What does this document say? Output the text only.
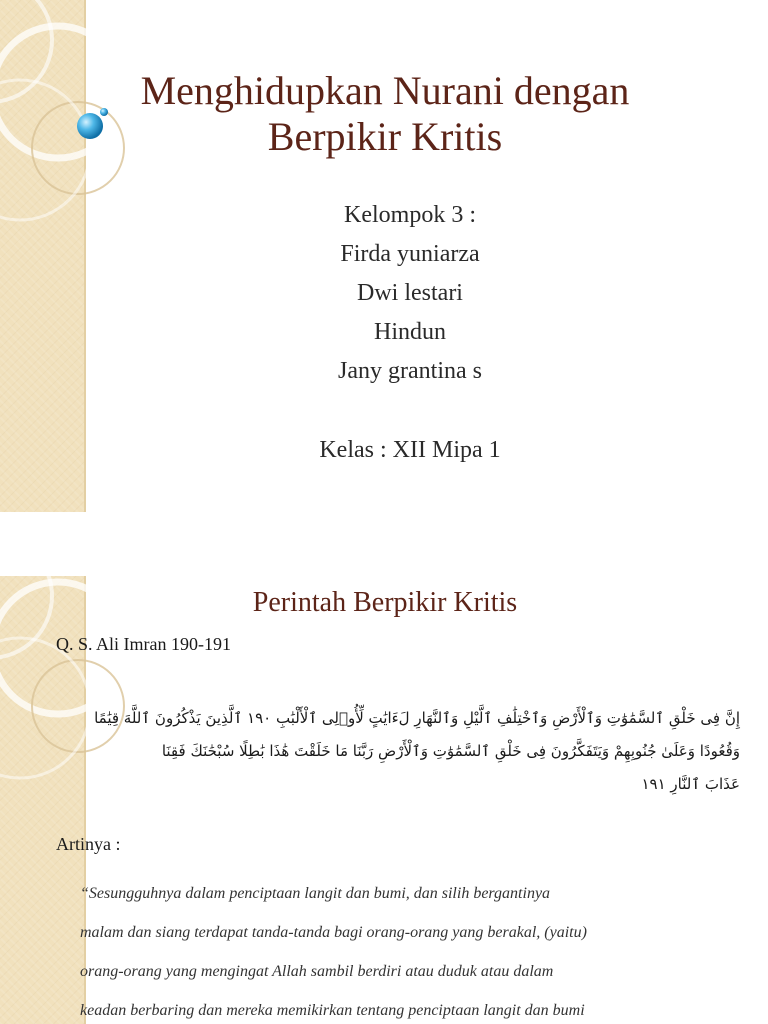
Menghidupkan Nurani dengan
Berpikir Kritis
Kelompok 3 :
Firda yuniarza
Dwi lestari
Hindun
Jany grantina s
Kelas : XII Mipa 1
Perintah Berpikir Kritis
Q. S. Ali Imran 190-191
إِنَّ فِى خَلْقِ ٱلسَّمَٰوَٰتِ وَٱلْأَرْضِ وَٱخْتِلَٰفِ ٱلَّيْلِ وَٱلنَّهَارِ لَءَايَٰتٍ لِّأُو۟لِى ٱلْأَلْبَٰبِ ١٩٠ ٱلَّذِينَ يَذْكُرُونَ ٱللَّهَ قِيَٰمًا
وَقُعُودًا وَعَلَىٰ جُنُوبِهِمْ وَيَتَفَكَّرُونَ فِى خَلْقِ ٱلسَّمَٰوَٰتِ وَٱلْأَرْضِ رَبَّنَا مَا خَلَقْتَ هَٰذَا بَٰطِلًا سُبْحَٰنَكَ فَقِنَا
عَذَابَ ٱلنَّارِ ١٩١
Artinya :
“Sesungguhnya dalam penciptaan langit dan bumi, dan silih bergantinya
malam dan siang terdapat tanda-tanda bagi orang-orang yang berakal, (yaitu)
orang-orang yang mengingat Allah sambil berdiri atau duduk atau dalam
keadan berbaring dan mereka memikirkan tentang penciptaan langit dan bumi
